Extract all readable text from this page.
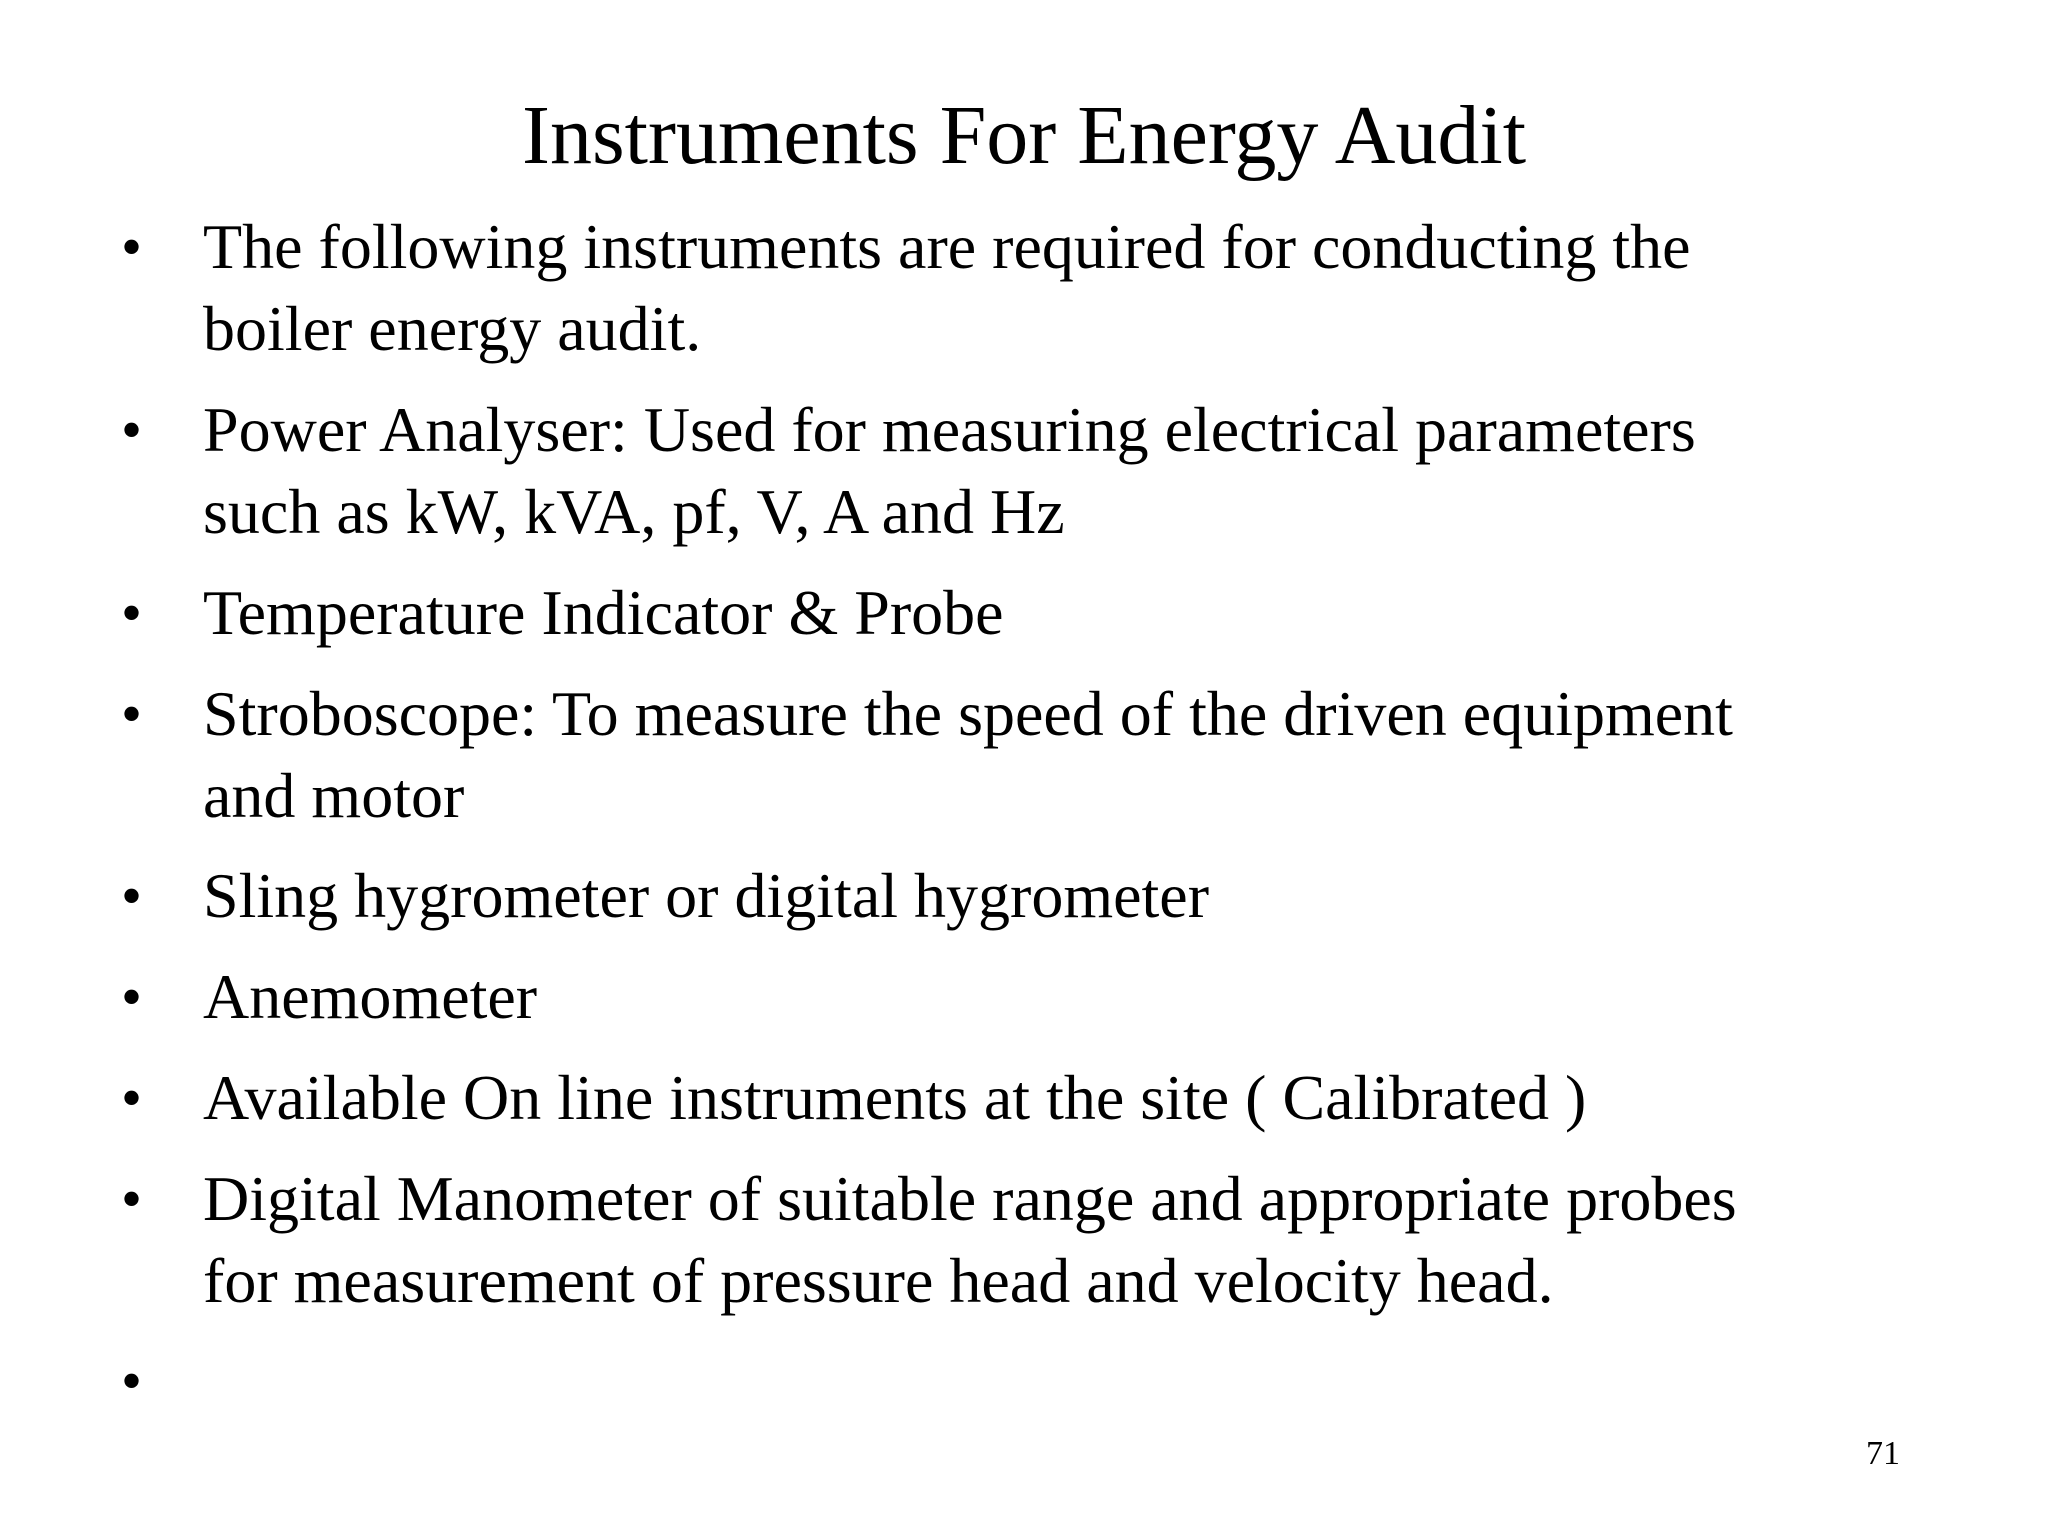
Instruments For Energy Audit
• The following instruments are required for conducting the
boiler energy audit.
• Power Analyser: Used for measuring electrical parameters
such as kW, kVA, pf, V, A and Hz
• Temperature Indicator & Probe
• Stroboscope: To measure the speed of the driven equipment
and motor
• Sling hygrometer or digital hygrometer
• Anemometer
• Available On line instruments at the site ( Calibrated )
• Digital Manometer of suitable range and appropriate probes
for measurement of pressure head and velocity head.
•
71
